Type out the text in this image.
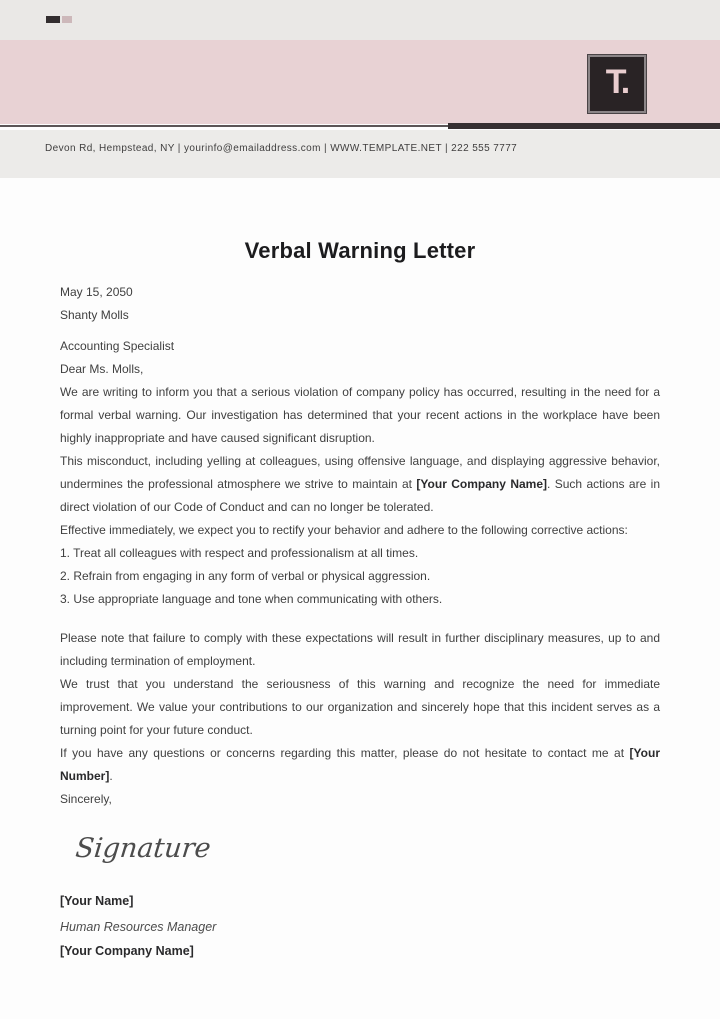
T.
Devon Rd, Hempstead, NY | yourinfo@emailaddress.com | WWW.TEMPLATE.NET | 222 555 7777
Verbal Warning Letter
May 15, 2050
Shanty Molls
Accounting Specialist
Dear Ms. Molls,

We are writing to inform you that a serious violation of company policy has occurred, resulting in the need for a formal verbal warning. Our investigation has determined that your recent actions in the workplace have been highly inappropriate and have caused significant disruption.

This misconduct, including yelling at colleagues, using offensive language, and displaying aggressive behavior, undermines the professional atmosphere we strive to maintain at [Your Company Name]. Such actions are in direct violation of our Code of Conduct and can no longer be tolerated.

Effective immediately, we expect you to rectify your behavior and adhere to the following corrective actions:

1. Treat all colleagues with respect and professionalism at all times.
2. Refrain from engaging in any form of verbal or physical aggression.
3. Use appropriate language and tone when communicating with others.

Please note that failure to comply with these expectations will result in further disciplinary measures, up to and including termination of employment.

We trust that you understand the seriousness of this warning and recognize the need for immediate improvement. We value your contributions to our organization and sincerely hope that this incident serves as a turning point for your future conduct.

If you have any questions or concerns regarding this matter, please do not hesitate to contact me at [Your Number].

Sincerely,
Signature
[Your Name]
Human Resources Manager
[Your Company Name]
